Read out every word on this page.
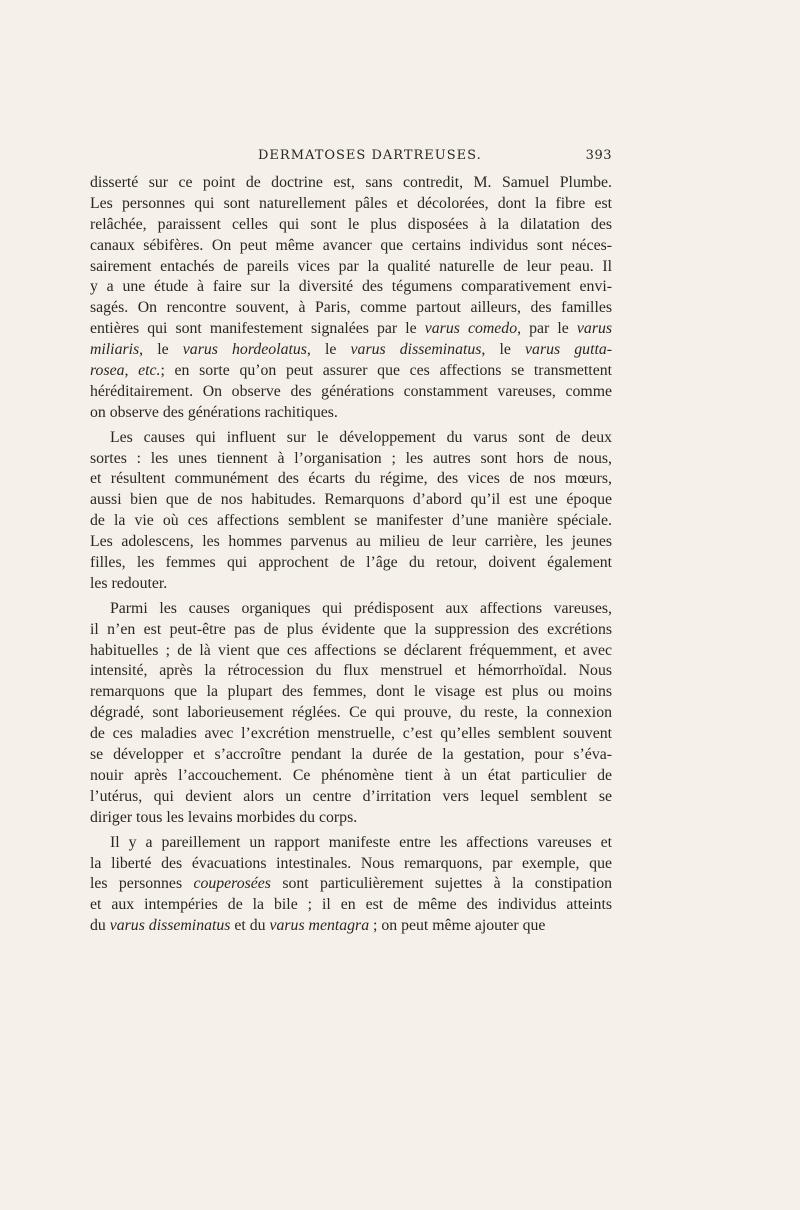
DERMATOSES DARTREUSES.	393
disserté sur ce point de doctrine est, sans contredit, M. Samuel Plumbe.
Les personnes qui sont naturellement pâles et décolorées, dont la fibre est
relâchée, paraissent celles qui sont le plus disposées à la dilatation des
canaux sébifères. On peut même avancer que certains individus sont néces-
sairement entachés de pareils vices par la qualité naturelle de leur peau. Il
y a une étude à faire sur la diversité des tégumens comparativement envi-
sagés. On rencontre souvent, à Paris, comme partout ailleurs, des familles
entières qui sont manifestement signalées par le varus comedo, par le varus
miliaris, le varus hordeolatus, le varus disseminatus, le varus gutta-
rosea, etc.; en sorte qu’on peut assurer que ces affections se transmettent
héréditairement. On observe des générations constamment vareuses, comme
on observe des générations rachitiques.
Les causes qui influent sur le développement du varus sont de deux
sortes : les unes tiennent à l’organisation ; les autres sont hors de nous,
et résultent communément des écarts du régime, des vices de nos mœurs,
aussi bien que de nos habitudes. Remarquons d’abord qu’il est une époque
de la vie où ces affections semblent se manifester d’une manière spéciale.
Les adolescens, les hommes parvenus au milieu de leur carrière, les jeunes
filles, les femmes qui approchent de l’âge du retour, doivent également
les redouter.
Parmi les causes organiques qui prédisposent aux affections vareuses,
il n’en est peut-être pas de plus évidente que la suppression des excrétions
habituelles ; de là vient que ces affections se déclarent fréquemment, et avec
intensité, après la rétrocession du flux menstruel et hémorrhoïdal. Nous
remarquons que la plupart des femmes, dont le visage est plus ou moins
dégradé, sont laborieusement réglées. Ce qui prouve, du reste, la connexion
de ces maladies avec l’excrétion menstruelle, c’est qu’elles semblent souvent
se développer et s’accroître pendant la durée de la gestation, pour s’éva-
nouir après l’accouchement. Ce phénomène tient à un état particulier de
l’utérus, qui devient alors un centre d’irritation vers lequel semblent se
diriger tous les levains morbides du corps.
Il y a pareillement un rapport manifeste entre les affections vareuses et
la liberté des évacuations intestinales. Nous remarquons, par exemple, que
les personnes couperosées sont particulièrement sujettes à la constipation
et aux intempéries de la bile ; il en est de même des individus atteints
du varus disseminatus et du varus mentagra ; on peut même ajouter que
